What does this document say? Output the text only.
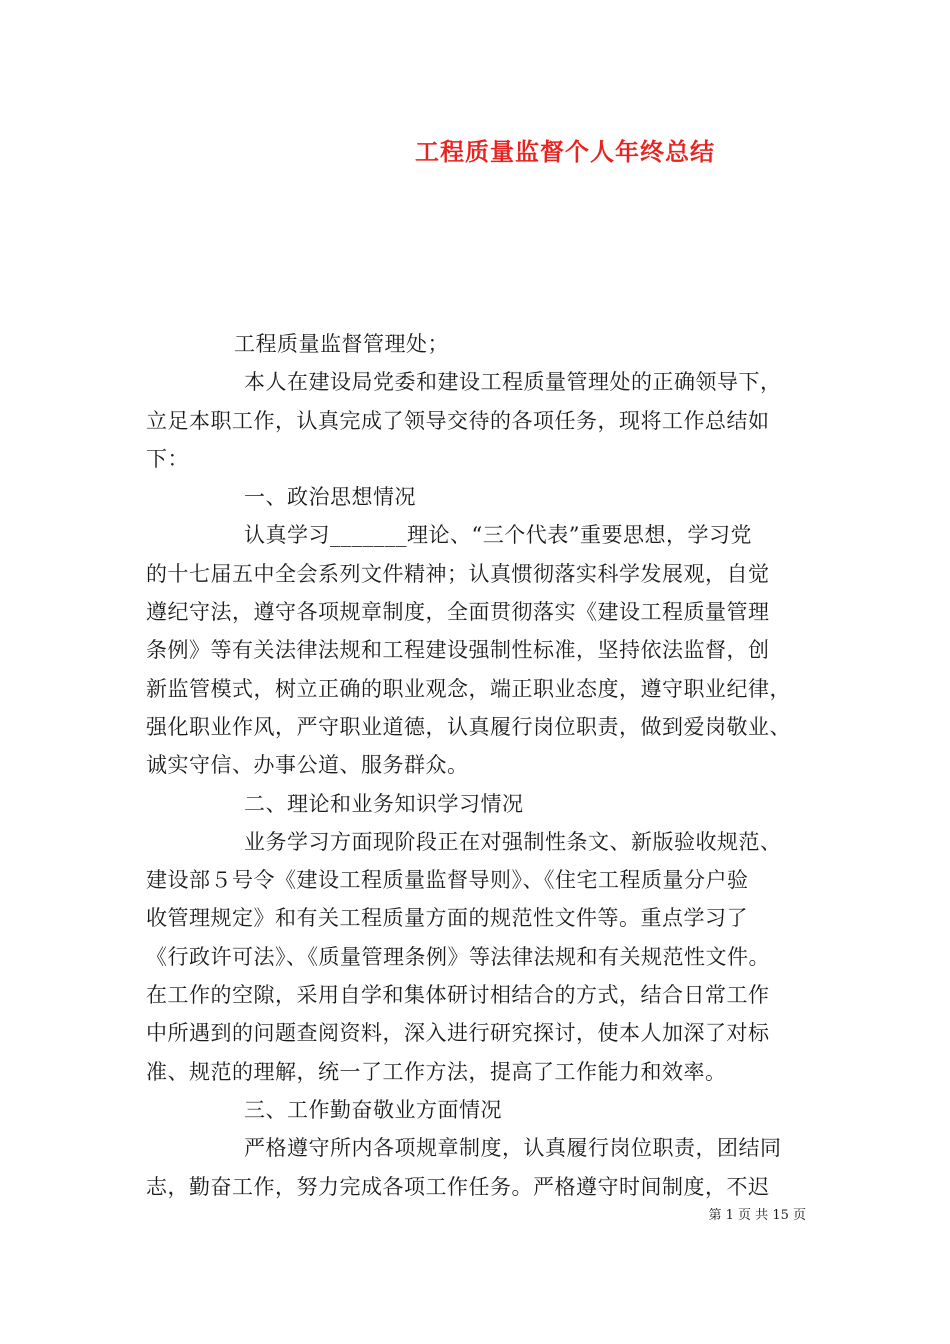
工程质量监督个人年终总结
工程质量监督管理处；
本人在建设局党委和建设工程质量管理处的正确领导下，
立足本职工作，认真完成了领导交待的各项任务，现将工作总结如
下：
一、政治思想情况
认真学习_______理论、“三个代表”重要思想，学习党
的十七届五中全会系列文件精神；认真惯彻落实科学发展观，自觉
遵纪守法，遵守各项规章制度，全面贯彻落实《建设工程质量管理
条例》等有关法律法规和工程建设强制性标准，坚持依法监督，创
新监管模式，树立正确的职业观念，端正职业态度，遵守职业纪律，
强化职业作风，严守职业道德，认真履行岗位职责，做到爱岗敬业、
诚实守信、办事公道、服务群众。
二、理论和业务知识学习情况
业务学习方面现阶段正在对强制性条文、新版验收规范、
建设部５号令《建设工程质量监督导则》、《住宅工程质量分户验
收管理规定》和有关工程质量方面的规范性文件等。重点学习了
《行政许可法》、《质量管理条例》等法律法规和有关规范性文件。
在工作的空隙，采用自学和集体研讨相结合的方式，结合日常工作
中所遇到的问题查阅资料，深入进行研究探讨，使本人加深了对标
准、规范的理解，统一了工作方法，提高了工作能力和效率。
三、工作勤奋敬业方面情况
严格遵守所内各项规章制度，认真履行岗位职责，团结同
志，勤奋工作，努力完成各项工作任务。严格遵守时间制度，不迟
第 1 页 共 15 页
